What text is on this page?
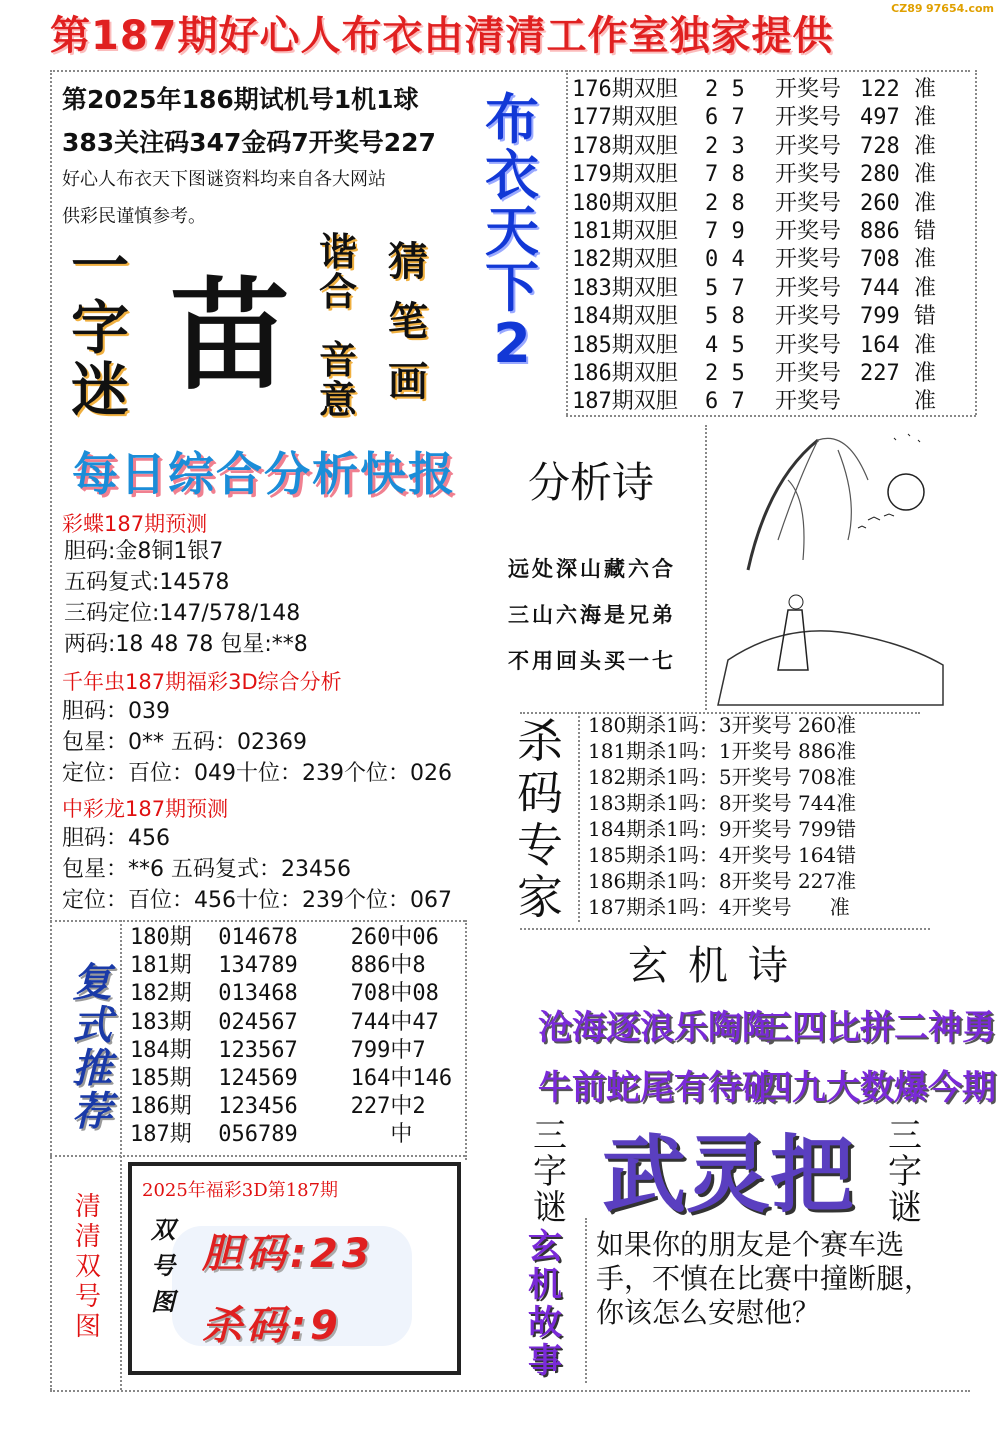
第187期好心人布衣由清清工作室独家提供
CZ89 97654.com
第2025年186期试机号1机1球
383关注码347金码7开奖号227
好心人布衣天下图谜资料均来自各大网站
供彩民谨慎参考。
一
字
迷 苗
谐
合
音
意
猜
笔
画
布
衣
天
下
2
176期双胆	2 5	开奖号 122 准
177期双胆	6 7	开奖号 497 准
178期双胆	2 3	开奖号 728 准
179期双胆	7 8	开奖号 280 准
180期双胆	2 8	开奖号 260 准
181期双胆	7 9	开奖号 886 错
182期双胆	0 4	开奖号 708 准
183期双胆	5 7	开奖号 744 准
184期双胆	5 8	开奖号 799 错
185期双胆	4 5	开奖号 164 准
186期双胆	2 5	开奖号 227 准
187期双胆	6 7	开奖号	准
每日综合分析快报
彩蝶187期预测
胆码:金8铜1银7
五码复式:14578
三码定位:147/578/148
两码:18 48 78 包星:**8
千年虫187期福彩3D综合分析
胆码：039
包星：0** 五码：02369
定位：百位：049十位：239个位：026
中彩龙187期预测
胆码：456
包星：**6 五码复式：23456
定位：百位：456十位：239个位：067
分析诗
远处深山藏六合
三山六海是兄弟
不用回头买一七
杀
码
专
家
180期杀1吗：3开奖号 260准
181期杀1吗：1开奖号 886准
182期杀1吗：5开奖号 708准
183期杀1吗：8开奖号 744准
184期杀1吗：9开奖号 799错
185期杀1吗：4开奖号 164错
186期杀1吗：8开奖号 227准
187期杀1吗：4开奖号      准
玄机诗
沧海逐浪乐陶陶
三四比拼二神勇
牛前蛇尾有待破
四九大数爆今期
三
字
谜 武灵把 三
字
谜
玄
机
故
事
如果你的朋友是个赛车选手，不慎在比赛中撞断腿，你该怎么安慰他？
复
式
推
荐
180期  014678    260中06
181期  134789    886中8
182期  013468    708中08
183期  024567    744中47
184期  123567    799中7
185期  124569    164中146
186期  123456    227中2
187期  056789       中
清
清
双
号
图
2025年福彩3D第187期
双
号
图
胆码:23
杀码:9
